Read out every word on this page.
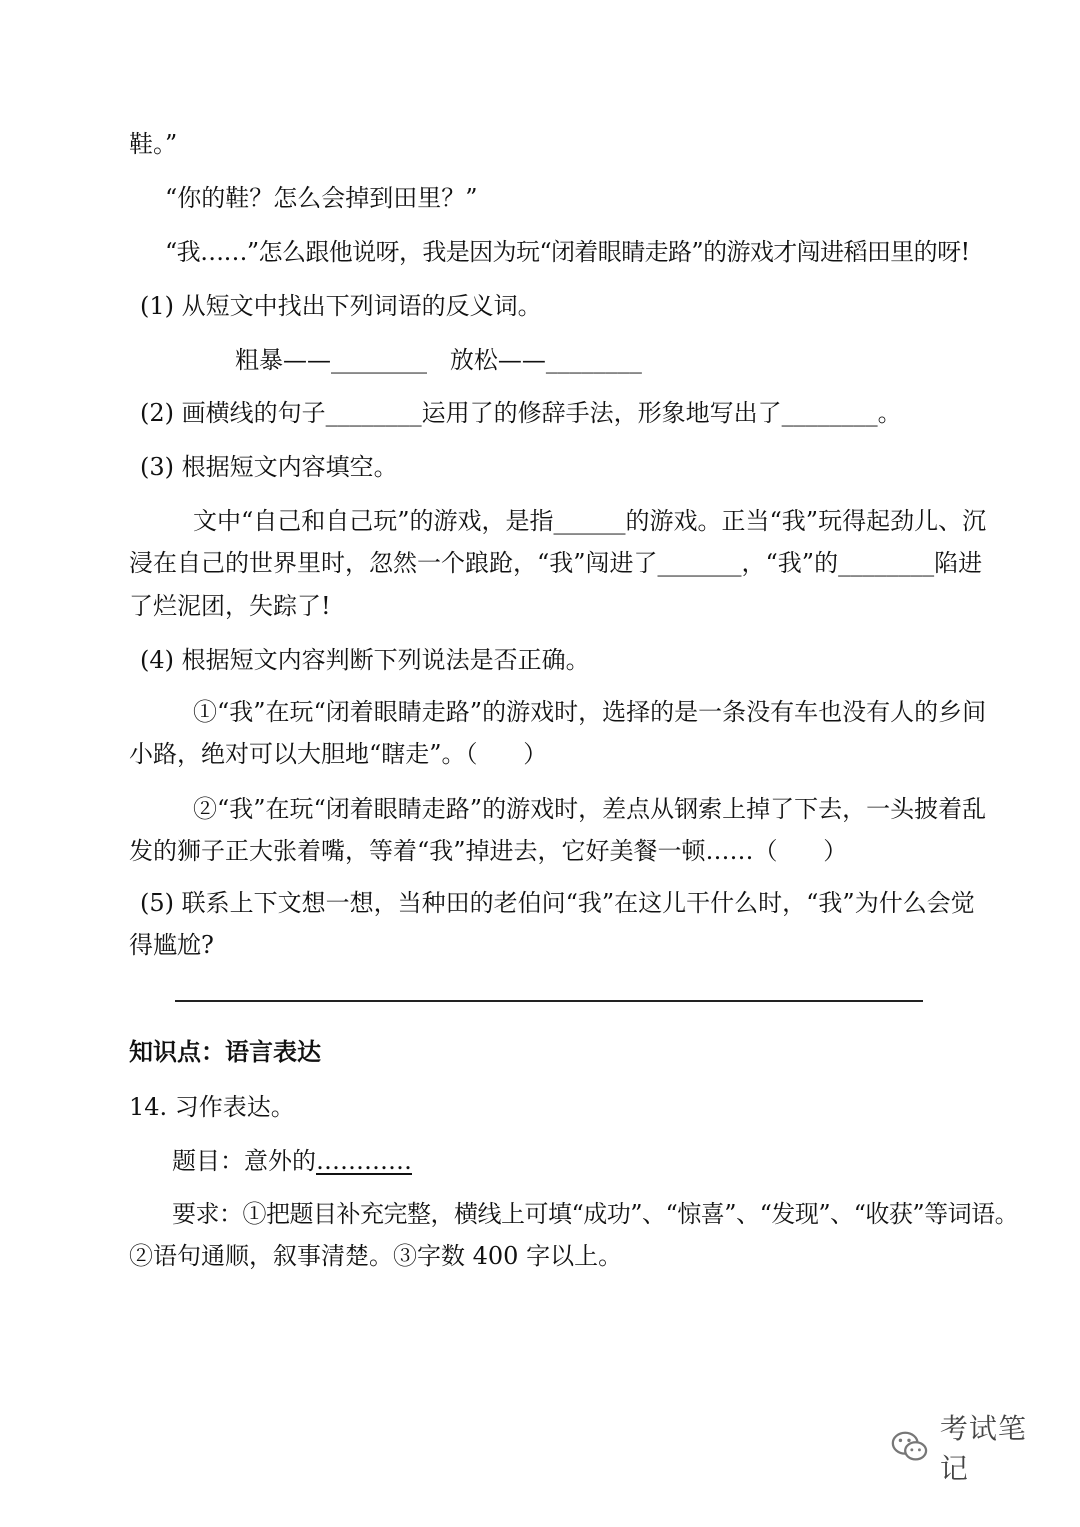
鞋。”
“你的鞋？怎么会掉到田里？”
“我……”怎么跟他说呀，我是因为玩“闭着眼睛走路”的游戏才闯进稻田里的呀!
(1) 从短文中找出下列词语的反义词。
粗暴——________   放松——________
(2) 画横线的句子________运用了的修辞手法，形象地写出了________。
(3) 根据短文内容填空。
文中“自己和自己玩”的游戏，是指______的游戏。正当“我”玩得起劲儿、沉
浸在自己的世界里时，忽然一个踉跄，“我”闯进了_______，“我”的________陷进
了烂泥团，失踪了!
(4) 根据短文内容判断下列说法是否正确。
①“我”在玩“闭着眼睛走路”的游戏时，选择的是一条没有车也没有人的乡间
小路，绝对可以大胆地“瞎走”。（      ）
②“我”在玩“闭着眼睛走路”的游戏时，差点从钢索上掉了下去，一头披着乱
发的狮子正大张着嘴，等着“我”掉进去，它好美餐一顿……（      ）
(5) 联系上下文想一想，当种田的老伯问“我”在这儿干什么时，“我”为什么会觉
得尴尬?
知识点：语言表达
14. 习作表达。
题目：意外的…………
要求：①把题目补充完整，横线上可填“成功”、“惊喜”、“发现”、“收获”等词语。
②语句通顺，叙事清楚。③字数 400 字以上。
考试笔记
